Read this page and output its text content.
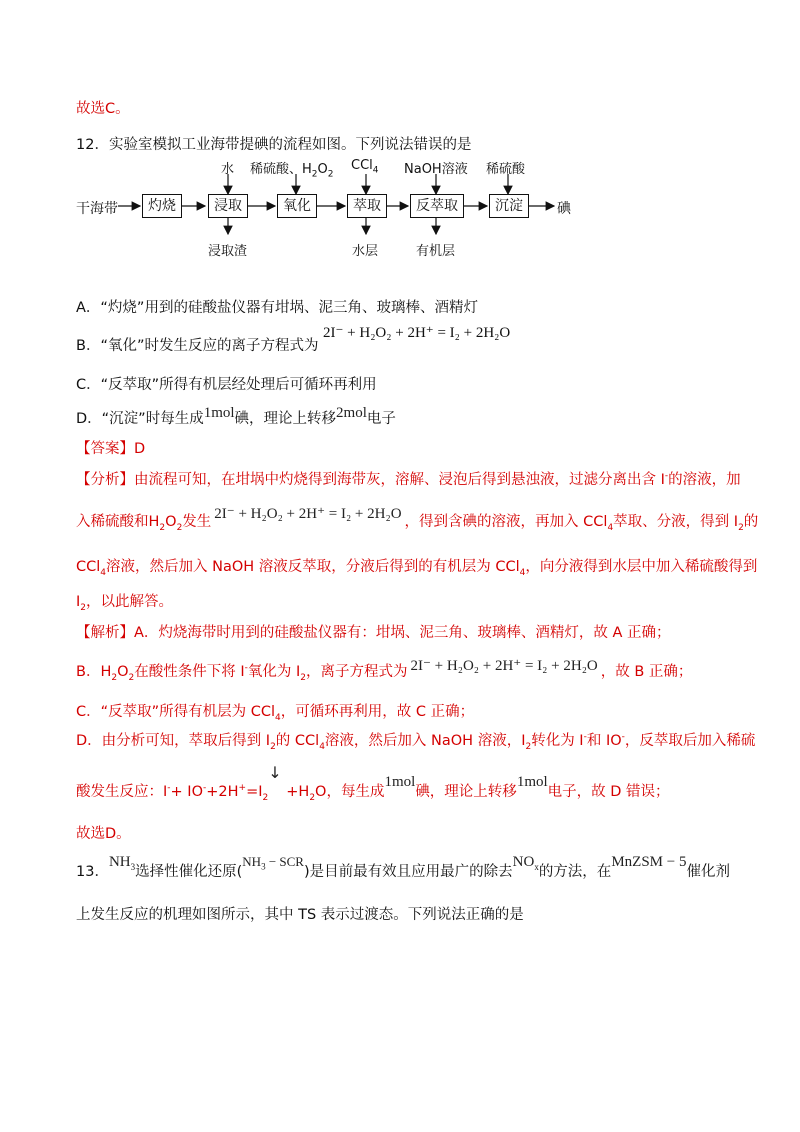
故选C。
12．实验室模拟工业海带提碘的流程如图。下列说法错误的是
干海带	碘
灼烧	浸取	氧化	萃取	反萃取	沉淀
水 稀硫酸、$H_2O_2$
CCl$_4$ NaOH溶液 稀硫酸
浸取渣	水层	有机层
A．“灼烧”用到的硅酸盐仪器有坩埚、泥三角、玻璃棒、酒精灯
B．“氧化”时发生反应的离子方程式为
2I⁻ + H₂O₂ + 2H⁺ = I₂ + 2H₂O
C．“反萃取”所得有机层经处理后可循环再利用
D．“沉淀”时每生成1mol碘，理论上转移2mol电子
【答案】D
【分析】由流程可知，在坩埚中灼烧得到海带灰，溶解、浸泡后得到悬浊液，过滤分离出含 I-的溶液，加
入稀硫酸和$H_2O_2$发生 2I⁻ + H₂O₂ + 2H⁺ = I₂ + 2H₂O ，得到含碘的溶液，再加入 CCl$_4$萃取、分液，得到 $I_2$的
CCl$_4$溶液，然后加入 NaOH 溶液反萃取，分液后得到的有机层为 CCl$_4$，向分液得到水层中加入稀硫酸得到
$I_2$，以此解答。
【解析】A．灼烧海带时用到的硅酸盐仪器有：坩埚、泥三角、玻璃棒、酒精灯，故 A 正确；
B．$H_2O_2$在酸性条件下将 I-氧化为 $I_2$，离子方程式为 2I⁻ + H₂O₂ + 2H⁺ = I₂ + 2H₂O ，故 B 正确；
C．“反萃取”所得有机层为 CCl$_4$，可循环再利用，故 C 正确；
D．由分析可知，萃取后得到 $I_2$的 CCl$_4$溶液，然后加入 NaOH 溶液，$I_2$转化为 I-和 IO-，反萃取后加入稀硫
酸发生反应：$I^-+ IO^-+2H^+=I_2↓ +H_2O$，每生成1mol碘，理论上转移1mol电子，故 D 错误；
故选D。
13．$NH_3$选择性催化还原$(NH_3 - SCR)$是目前最有效且应用最广的除去$NO_x$的方法，在MnZSM − 5催化剂
上发生反应的机理如图所示，其中 TS 表示过渡态。下列说法正确的是
